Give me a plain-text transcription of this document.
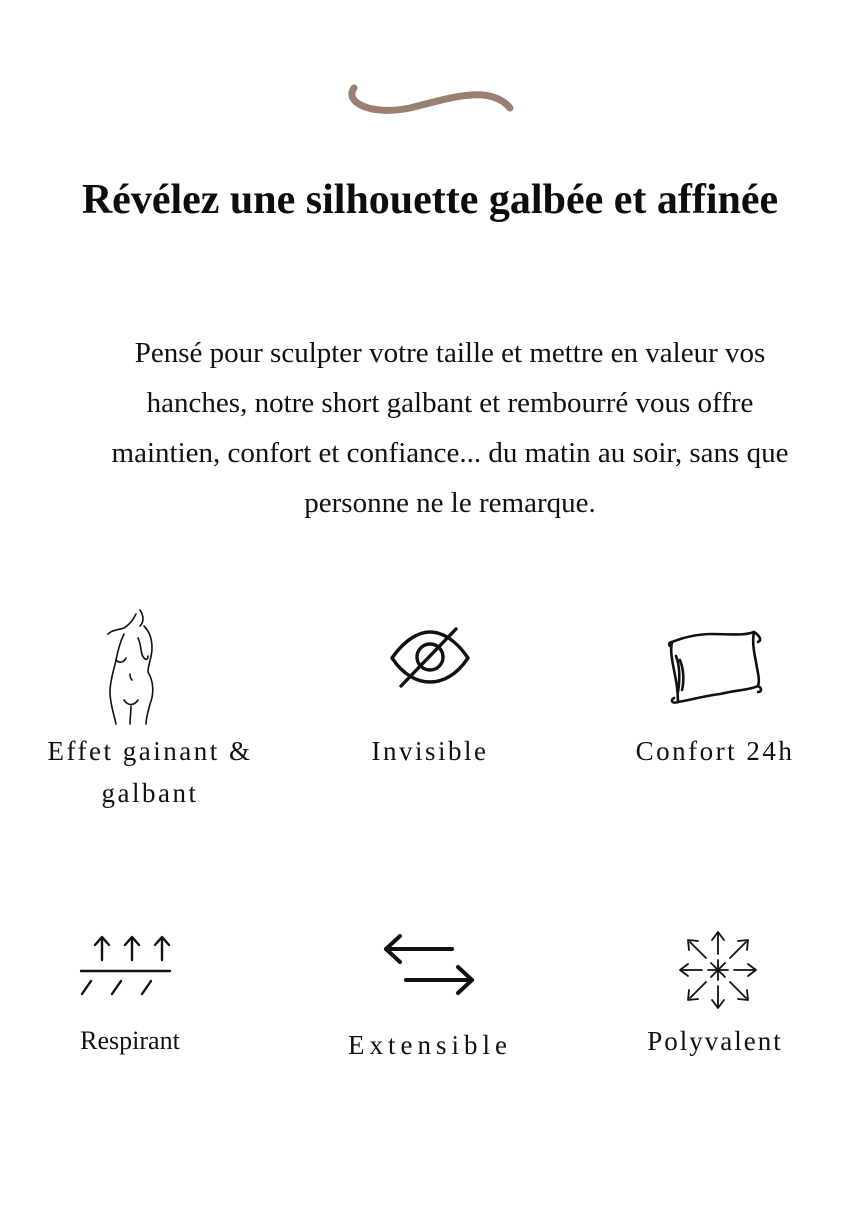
Révélez une silhouette galbée et affinée

Pensé pour sculpter votre taille et mettre en valeur vos hanches, notre short galbant et rembourré vous offre maintien, confort et confiance... du matin au soir, sans que personne ne le remarque.

Effet gainant & galbant
Invisible	Confort 24h
Respirant	Extensible	Polyvalent
